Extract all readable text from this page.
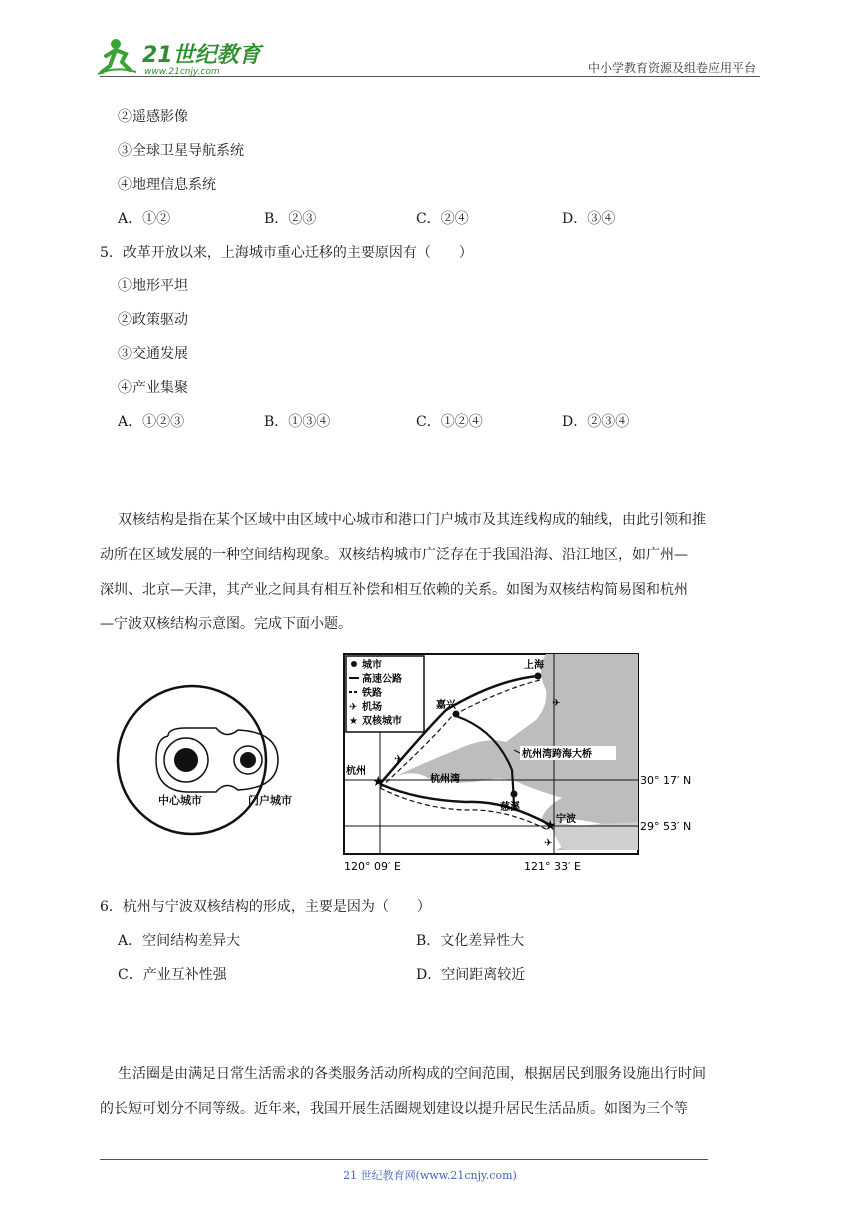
21世纪教育
www.21cnjy.com	中小学教育资源及组卷应用平台
②遥感影像
③全球卫星导航系统
④地理信息系统
A．①②	B．②③	C．②④	D．③④
5．改革开放以来，上海城市重心迁移的主要原因有（　　）
①地形平坦
②政策驱动
③交通发展
④产业集聚
A．①②③	B．①③④	C．①②④	D．②③④
双核结构是指在某个区域中由区域中心城市和港口门户城市及其连线构成的轴线，由此引领和推
动所在区域发展的一种空间结构现象。双核结构城市广泛存在于我国沿海、沿江地区，如广州—
深圳、北京—天津，其产业之间具有相互补偿和相互依赖的关系。如图为双核结构简易图和杭州
—宁波双核结构示意图。完成下面小题。
中心城市	门户城市
城市
高速公路
铁路
✈ 机场
★ 双核城市
上海
嘉兴
★
杭州
杭州湾
慈溪
★ 宁波
杭州湾跨海大桥
✈
✈
✈
30° 17′ N
29° 53′ N
120° 09′ E	121° 33′ E
6．杭州与宁波双核结构的形成，主要是因为（　　）
A．空间结构差异大	B．文化差异性大
C．产业互补性强	D．空间距离较近
生活圈是由满足日常生活需求的各类服务活动所构成的空间范围，根据居民到服务设施出行时间
的长短可划分不同等级。近年来，我国开展生活圈规划建设以提升居民生活品质。如图为三个等
21 世纪教育网(www.21cnjy.com)
